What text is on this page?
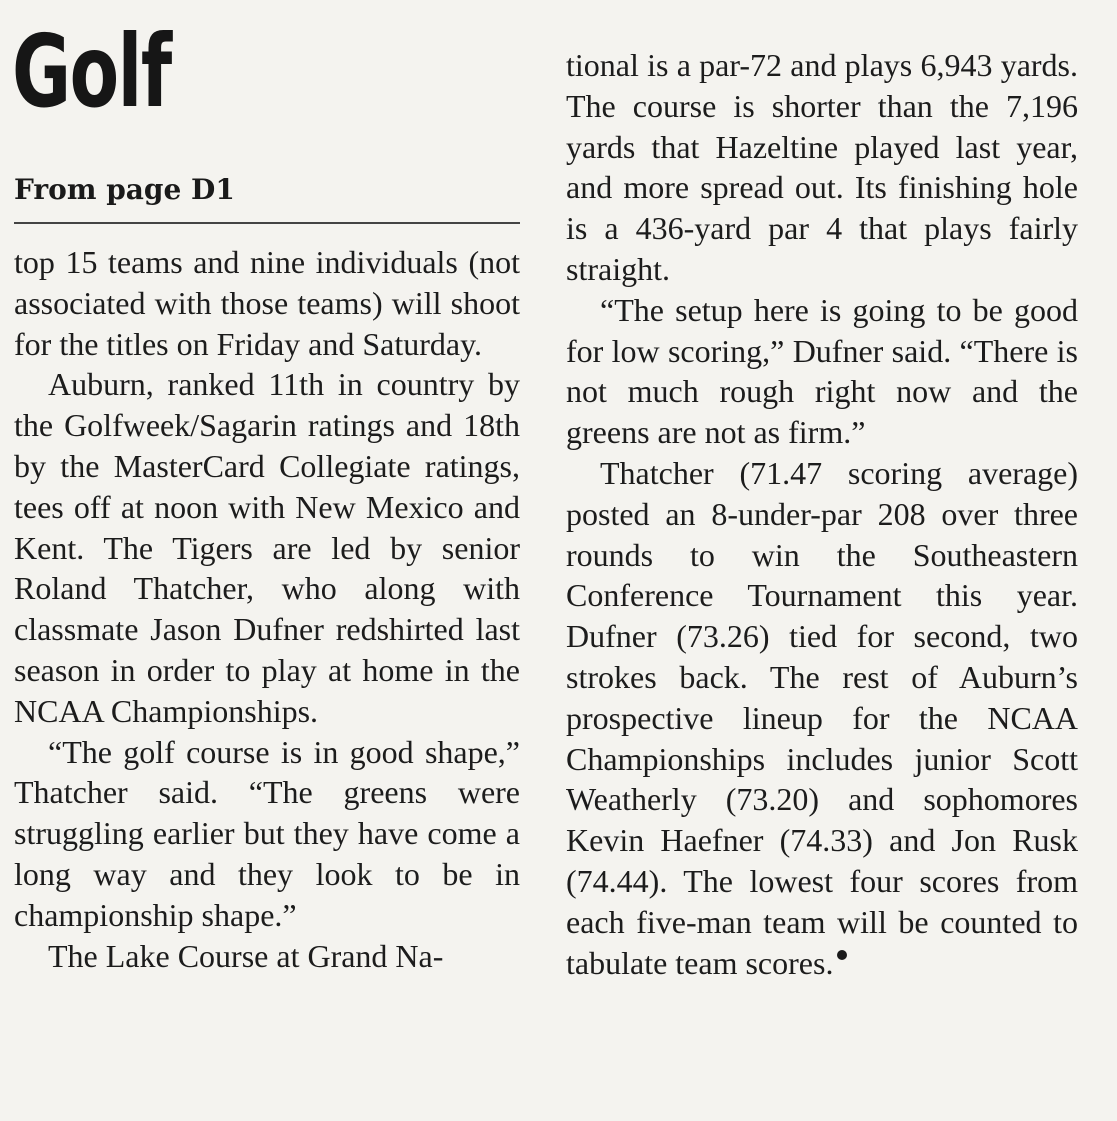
Golf
From page D1

top 15 teams and nine individuals (not associated with those teams) will shoot for the titles on Friday and Saturday.

Auburn, ranked 11th in country by the Golfweek/Sagarin ratings and 18th by the MasterCard Collegiate ratings, tees off at noon with New Mexico and Kent. The Tigers are led by senior Roland Thatcher, who along with classmate Jason Dufner redshirted last season in order to play at home in the NCAA Championships.

“The golf course is in good shape,” Thatcher said. “The greens were struggling earlier but they have come a long way and they look to be in championship shape.”

The Lake Course at Grand Na-

tional is a par-72 and plays 6,943 yards. The course is shorter than the 7,196 yards that Hazeltine played last year, and more spread out. Its finishing hole is a 436-yard par 4 that plays fairly straight.

“The setup here is going to be good for low scoring,” Dufner said. “There is not much rough right now and the greens are not as firm.”

Thatcher (71.47 scoring average) posted an 8-under-par 208 over three rounds to win the Southeastern Conference Tournament this year. Dufner (73.26) tied for second, two strokes back. The rest of Auburn’s prospective lineup for the NCAA Championships includes junior Scott Weatherly (73.20) and sophomores Kevin Haefner (74.33) and Jon Rusk (74.44). The lowest four scores from each five-man team will be counted to tabulate team scores.
